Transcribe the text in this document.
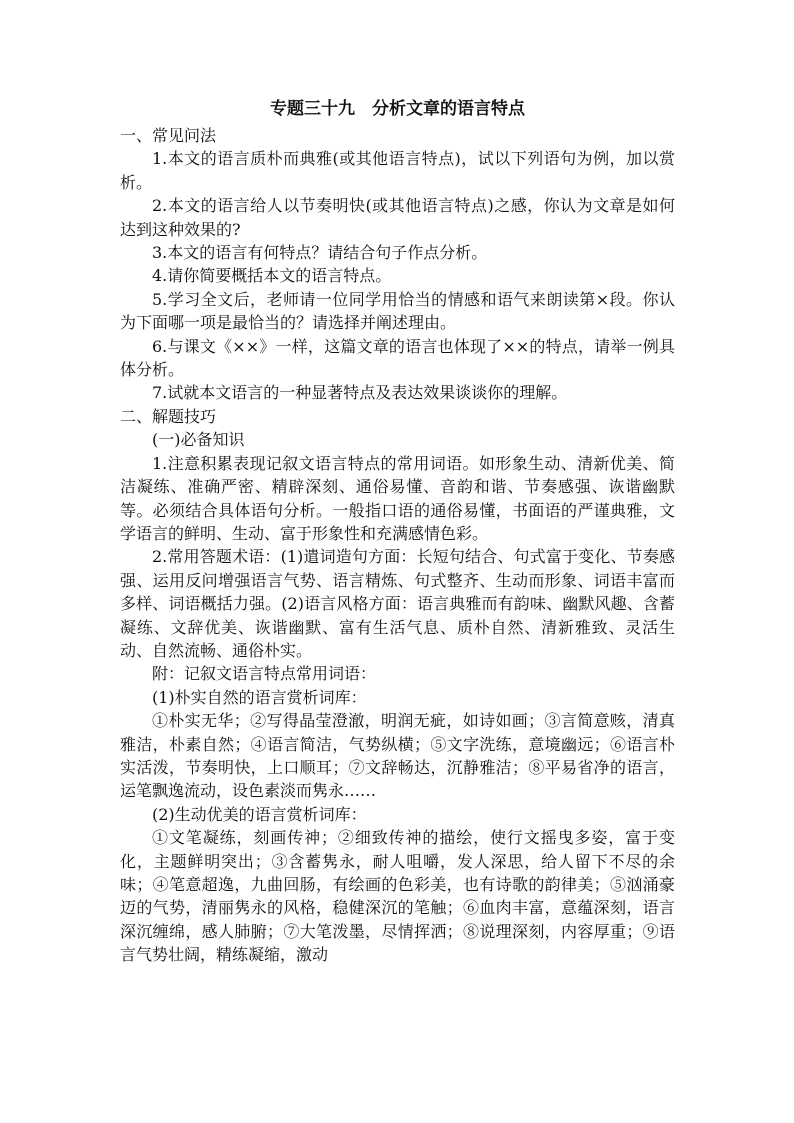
专题三十九　分析文章的语言特点

一、常见问法

1.本文的语言质朴而典雅(或其他语言特点)，试以下列语句为例，加以赏析。

2.本文的语言给人以节奏明快(或其他语言特点)之感，你认为文章是如何达到这种效果的?

3.本文的语言有何特点？请结合句子作点分析。

4.请你简要概括本文的语言特点。

5.学习全文后，老师请一位同学用恰当的情感和语气来朗读第×段。你认为下面哪一项是最恰当的？请选择并阐述理由。

6.与课文《××》一样，这篇文章的语言也体现了××的特点，请举一例具体分析。

7.试就本文语言的一种显著特点及表达效果谈谈你的理解。

二、解题技巧

(一)必备知识

1.注意积累表现记叙文语言特点的常用词语。如形象生动、清新优美、简洁凝练、准确严密、精辟深刻、通俗易懂、音韵和谐、节奏感强、诙谐幽默等。必须结合具体语句分析。一般指口语的通俗易懂，书面语的严谨典雅，文学语言的鲜明、生动、富于形象性和充满感情色彩。

2.常用答题术语：(1)遣词造句方面：长短句结合、句式富于变化、节奏感强、运用反问增强语言气势、语言精炼、句式整齐、生动而形象、词语丰富而多样、词语概括力强。(2)语言风格方面：语言典雅而有韵味、幽默风趣、含蓄凝练、文辞优美、诙谐幽默、富有生活气息、质朴自然、清新雅致、灵活生动、自然流畅、通俗朴实。

附：记叙文语言特点常用词语：

(1)朴实自然的语言赏析词库：

①朴实无华；②写得晶莹澄澈，明润无疵，如诗如画；③言简意赅，清真雅洁，朴素自然；④语言简洁，气势纵横；⑤文字洗练，意境幽远；⑥语言朴实活泼，节奏明快，上口顺耳；⑦文辞畅达，沉静雅洁；⑧平易省净的语言，运笔飘逸流动，设色素淡而隽永……

(2)生动优美的语言赏析词库：

①文笔凝练，刻画传神；②细致传神的描绘，使行文摇曳多姿，富于变化，主题鲜明突出；③含蓄隽永，耐人咀嚼，发人深思，给人留下不尽的余味；④笔意超逸，九曲回肠，有绘画的色彩美，也有诗歌的韵律美；⑤汹涌豪迈的气势，清丽隽永的风格，稳健深沉的笔触；⑥血肉丰富，意蕴深刻，语言深沉缠绵，感人肺腑；⑦大笔泼墨，尽情挥洒；⑧说理深刻，内容厚重；⑨语言气势壮阔，精练凝缩，激动
